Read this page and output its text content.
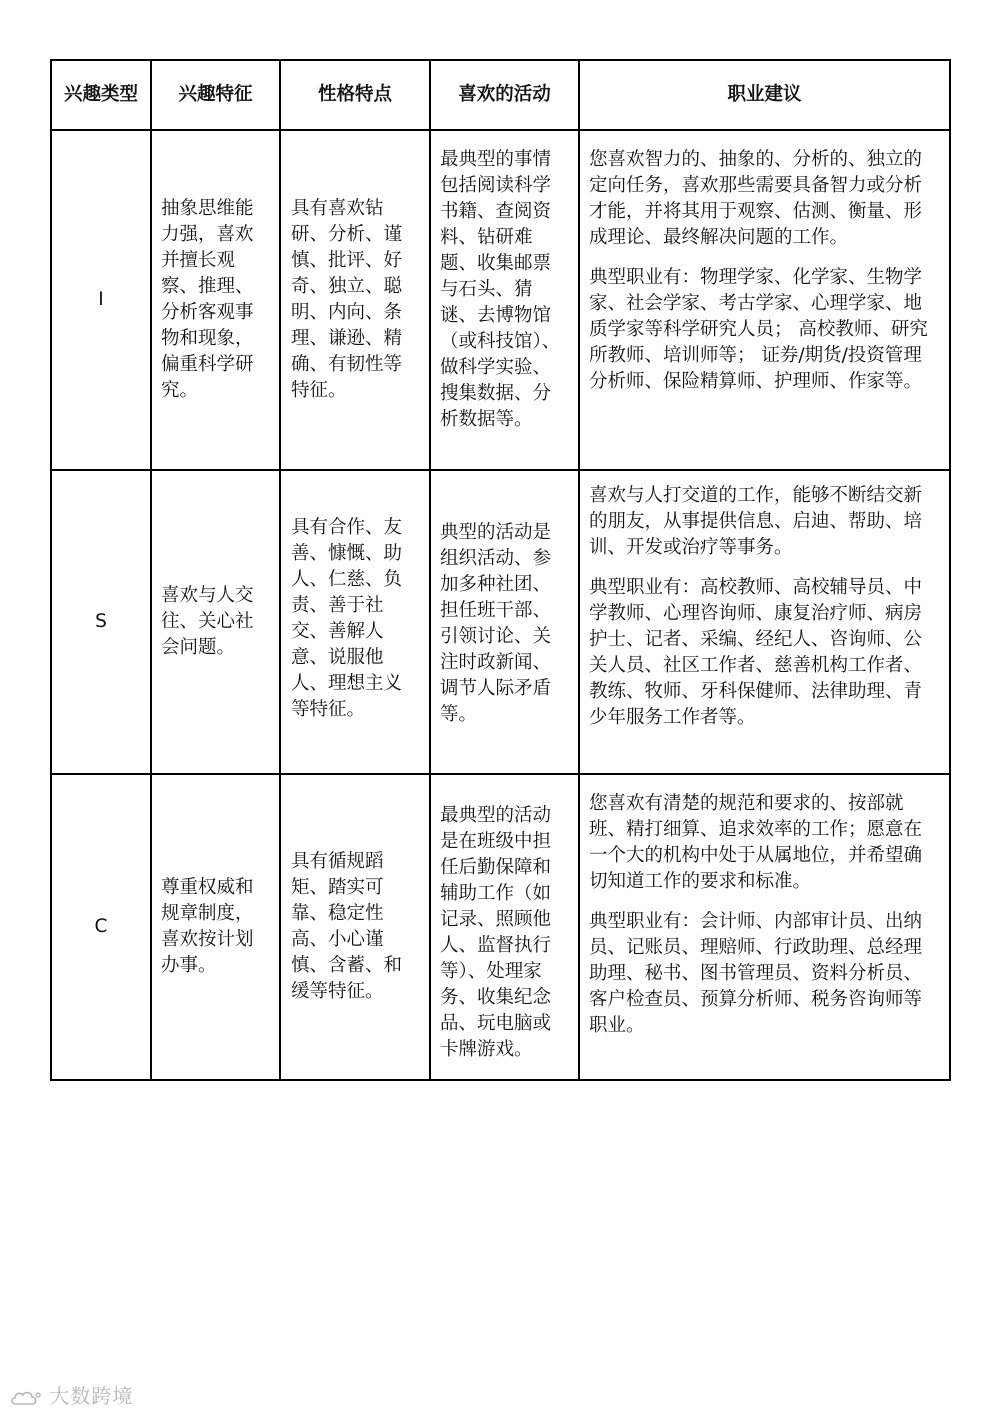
兴趣类型	兴趣特征	性格特点	喜欢的活动	职业建议
I	抽象思维能力强，喜欢并擅长观察、推理、分析客观事物和现象，偏重科学研究。	具有喜欢钻研、分析、谨慎、批评、好奇、独立、聪明、内向、条理、谦逊、精确、有韧性等特征。	最典型的事情包括阅读科学书籍、查阅资料、钻研难题、收集邮票与石头、猜谜、去博物馆（或科技馆）、做科学实验、搜集数据、分析数据等。	您喜欢智力的、抽象的、分析的、独立的定向任务，喜欢那些需要具备智力或分析才能，并将其用于观察、估测、衡量、形成理论、最终解决问题的工作。

典型职业有：物理学家、化学家、生物学家、社会学家、考古学家、心理学家、地质学家等科学研究人员； 高校教师、研究所教师、培训师等； 证券/期货/投资管理分析师、保险精算师、护理师、作家等。

S	喜欢与人交往、关心社会问题。	具有合作、友善、慷慨、助人、仁慈、负责、善于社交、善解人意、说服他人、理想主义等特征。	典型的活动是组织活动、参加多种社团、担任班干部、引领讨论、关注时政新闻、调节人际矛盾等。	喜欢与人打交道的工作，能够不断结交新的朋友，从事提供信息、启迪、帮助、培训、开发或治疗等事务。

典型职业有：高校教师、高校辅导员、中学教师、心理咨询师、康复治疗师、病房护士、记者、采编、经纪人、咨询师、公关人员、社区工作者、慈善机构工作者、教练、牧师、牙科保健师、法律助理、青少年服务工作者等。

C	尊重权威和规章制度，喜欢按计划办事。	具有循规蹈矩、踏实可靠、稳定性高、小心谨慎、含蓄、和缓等特征。	最典型的活动是在班级中担任后勤保障和辅助工作（如记录、照顾他人、监督执行等）、处理家务、收集纪念品、玩电脑或卡牌游戏。	您喜欢有清楚的规范和要求的、按部就班、精打细算、追求效率的工作；愿意在一个大的机构中处于从属地位，并希望确切知道工作的要求和标准。

典型职业有：会计师、内部审计员、出纳员、记账员、理赔师、行政助理、总经理助理、秘书、图书管理员、资料分析员、客户检查员、预算分析师、税务咨询师等职业。

大数跨境
